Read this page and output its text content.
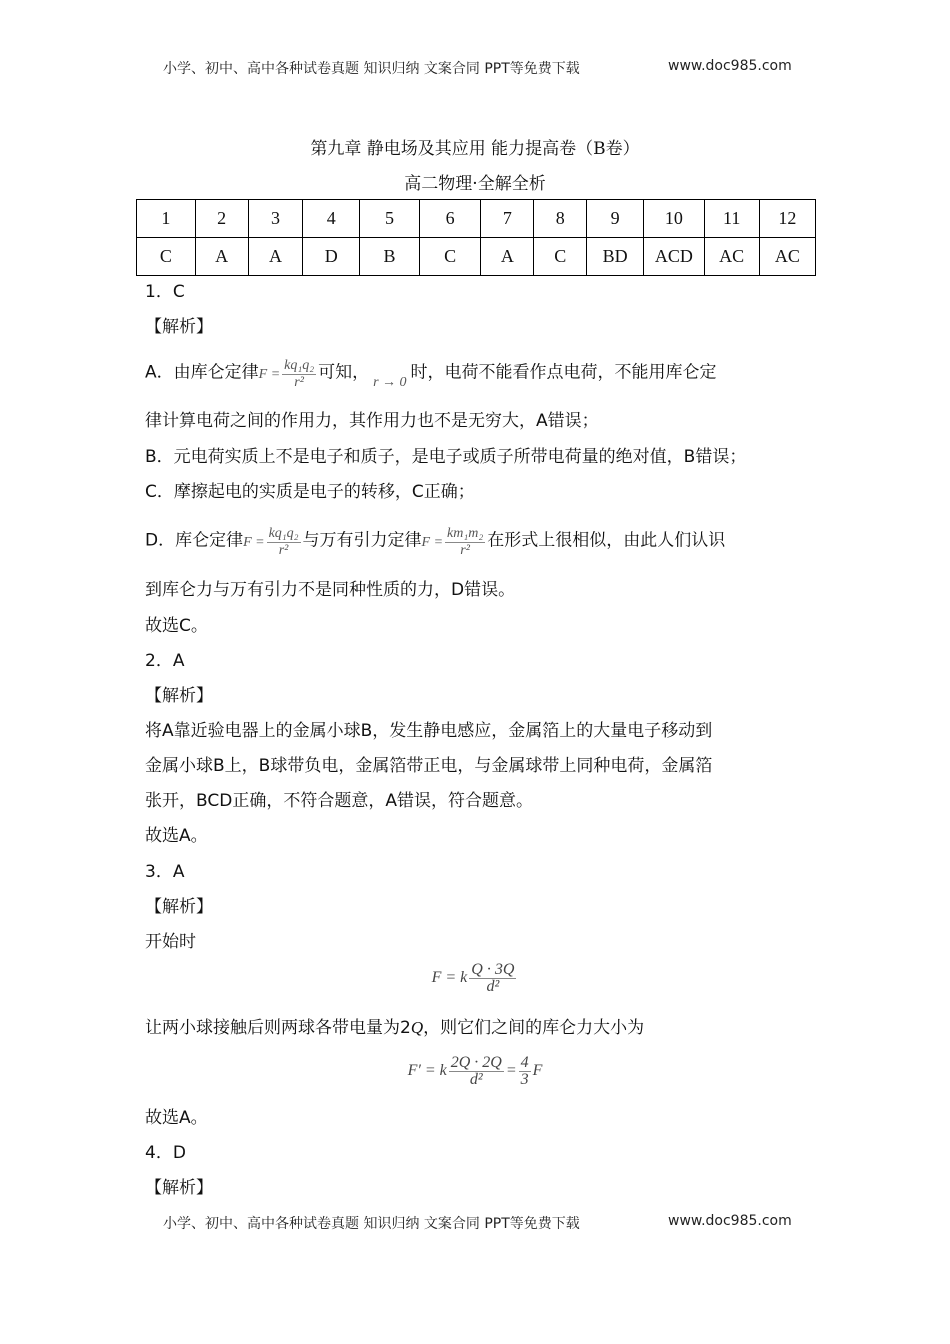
小学、初中、高中各种试卷真题 知识归纳 文案合同 PPT等免费下载	www.doc985.com
第九章 静电场及其应用 能力提高卷（B卷）
高二物理·全解全析
1	2	3	4	5	6	7	8	9	10	11	12
C	A	A	D	B	C	A	C	BD	ACD	AC	AC
1．C
【解析】
A．由库仑定律$F = \frac{\text{kq₁q₂}}{\text{r²}}$ 可知， $_{r \to 0}$ 时，电荷不能看作点电荷，不能用库仑定
律计算电荷之间的作用力，其作用力也不是无穷大，A错误；
B．元电荷实质上不是电子和质子，是电子或质子所带电荷量的绝对值，B错误；
C．摩擦起电的实质是电子的转移，C正确；
D．库仑定律$F = \frac{\text{kq₁q₂}}{\text{r²}}$ 与万有引力定律$F = \frac{\text{km₁m₂}}{\text{r²}}$ 在形式上很相似，由此人们认识
到库仑力与万有引力不是同种性质的力，D错误。
故选C。
2．A
【解析】
将A靠近验电器上的金属小球B，发生静电感应，金属箔上的大量电子移动到
金属小球B上，B球带负电，金属箔带正电，与金属球带上同种电荷，金属箔
张开，BCD正确，不符合题意，A错误，符合题意。
故选A。
3．A
【解析】
开始时
F = k $\frac{Q \cdot 3Q}{\text{d²}}$
让两小球接触后则两球各带电量为2Q，则它们之间的库仑力大小为
F′ = k $\frac{2Q \cdot 2Q}{\text{d²}} = \frac{4}{3}$ F
故选A。
4．D
【解析】
小学、初中、高中各种试卷真题 知识归纳 文案合同 PPT等免费下载	www.doc985.com
